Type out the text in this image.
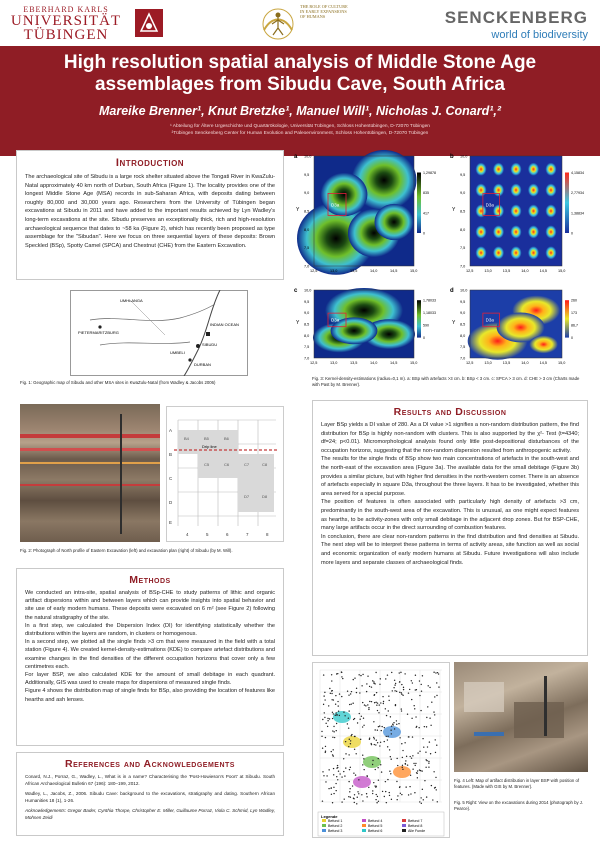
EBERHARD KARLS
UNIVERSITÄT
TÜBINGEN
THE ROLE OF CULTURE IN EARLY EXPANSIONS OF HUMANS	SENCKENBERG
world of biodiversity
High resolution spatial analysis of Middle Stone Age
assemblages from Sibudu Cave, South Africa
Mareike Brenner¹, Knut Bretzke¹, Manuel Will¹, Nicholas J. Conard¹,²
¹ Abteilung für Ältere Urgeschichte und Quartärökologie, Universität Tübingen, Schloss Hohentübingen, D-72070 Tübingen
²Tübingen Senckenberg Center for Human Evolution and Paleoenvironment, Schloss Hohentübingen, D-72070 Tübingen
Introduction
The archaeological site of Sibudu is a large rock shelter situated above the Tongati River in KwaZulu-Natal approximately 40 km north of Durban, South Africa (Figure 1). The locality provides one of the longest Middle Stone Age (MSA) records in sub-Saharan Africa, with deposits dating between roughly 80,000 and 30,000 years ago. Researchers from the University of Tübingen began excavations at Sibudu in 2011 and have added to the important results achieved by Lyn Wadley's long-term excavations at the site. Sibudu preserves an exceptionally thick, rich and high-resolution archaeological sequence that dates to ~58 ka (Figure 2), which has recently been proposed as type assemblage for the "Sibudan". Here we focus on three sequential layers of these deposits: Brown Speckled (BSp), Spotty Camel (SPCA) and Chestnut (CHE) from the Eastern Excavation.
UMHLANGA
PIETERMARITZBURG
INDIAN OCEAN
DURBAN
SIBUDU
UMBELI
Fig. 1: Geographic map of Sibudu and other MSA sites in KwaZulu-Natal (from Wadley & Jacobs 2006)
Drip line
A
B
C
D
E
4	5	6	7	8
B4	B5	B6
C5	C6	C7	C8
D7	D8
Fig. 2: Photograph of North profile of Eastern Excavation (left) and excavation plan (right) of Sibudu (by M. Will).
Methods
We conducted an intra-site, spatial analysis of BSp-CHE to study patterns of lithic and organic artifact dispersions within and between layers which can provide insights into spatial behavior and site use of early modern humans. These deposits were excavated on 6 m² (see Figure 2) following the natural stratigraphy of the site.
In a first step, we calculated the Dispersion Index (DI) for identifying statistically whether the distributions within the layers are random, in clusters or homogenous.
In a second step, we plotted all the single finds >3 cm that were measured in the field with a total station (Figure 4). We created kernel-density-estimations (KDE) to compare artefact distributions and examine changes in the find densities of the different occupation horizons that cover only a few centimetres each.
For layer BSP, we also calculated KDE for the amount of small debitage in each quadrant. Additionally, GIS was used to create maps for dispersions of measured single finds.
Figure 4 shows the distribution map of single finds for BSp, also providing the location of features like hearths and ash lenses.
References and Acknowledgements
Conard, N.J., Porraz, G., Wadley, L., What is in a name? Characterising the 'Post-Howieson's Poort' at Sibudu. South African Archaeological Bulletin 67 (196): 180–199, 2012.
Wadley, L., Jacobs, Z., 2006. Sibudu Cave: background to the excavations, stratigraphy and dating. Southern African Humanities 18 (1), 1-26.
Acknowledgements: Gregor Bader, Cynthia Thorpe, Christopher E. Miller, Guillaume Porraz, Viola C. Schmid, Lyn Wadley, Mohsen Zeidi
D3a
a
Y
12,5	13,0	13,5	14,0	14,5	15,0
7,0
7,5
8,0
8,5
9,0
9,5
10,0
1,29878
835
417
0
D3a
b
Y
12,5	13,0	13,5	14,0	14,5	15,0
7,0
7,5
8,0
8,5
9,0
9,5
10,0
4,15834
2,77934
1,38834
0
D3a
c
Y
12,5	13,0	13,5	14,0	14,5	15,0
7,0
7,5
8,0
8,5
9,0
9,5
10,0
1,78033
1,18033
590
0
D3a
d
Y
12,5	13,0	13,5	14,0	14,5	15,0
7,0
7,5
8,0
8,5
9,0
9,5
10,0
260
173
86,7
0
Fig. 3: Kernel-density-estimations (radius=0,1 m). a: BSp with artefacts >3 cm. b: BSp < 3 cm. c: SPCA > 3 cm. d: CHE > 3 cm (Charts made with Past by M. Brenner).
Results and Discussion
Layer BSp yields a DI value of 280. As a DI value >1 signifies a non-random distribution pattern, the find distribution for BSp is highly non-random with clusters. This is also supported by the χ²- Test (t=4340; df=24; p<0.01). Micromorphological analysis found only little post-depositional disturbances of the occupation horizons, suggesting that the non-random dispersion resulted from anthropogenic activity.
The results for the single finds of BSp show two main concentrations of artefacts in the south-west and the north-east of the excavation area (Figure 3a). The available data for the small debitage (Figure 3b) provides a similar picture, but with higher find densities in the north-western corner. There is an absence of artefacts especially in square D3a, throughout the three layers. It has to be investigated, whether this area served for a special purpose.
The position of features is often associated with particularly high density of artefacts >3 cm, predominantly in the south-west area of the excavation. This is unusual, as one might expect features as hearths, to be activity-zones with only small debitage in the adjacent drop zones. But for BSP-CHE, many large artifacts occur in the direct surrounding of combustion features.
In conclusion, there are clear non-random patterns in the find distribution and find densities at Sibudu. The next step will be to interpret these patterns in terms of activity areas, site function as well as social and economic organization of early modern humans at Sibudu. Future investigations will also include more layers and separate classes of archaeological finds.
Legende
Befund 1
Befund 2
Befund 3
Befund 4
Befund 5
Befund 6
Befund 7
Befund 8
Alle Funde
Fig. 4 Left: Map of artifact distribution in layer BSP with position of features. (Made with GIS by M. Brenner).
Fig. 5 Right: View on the excavations during 2014 (photograph by J. Pearce).
